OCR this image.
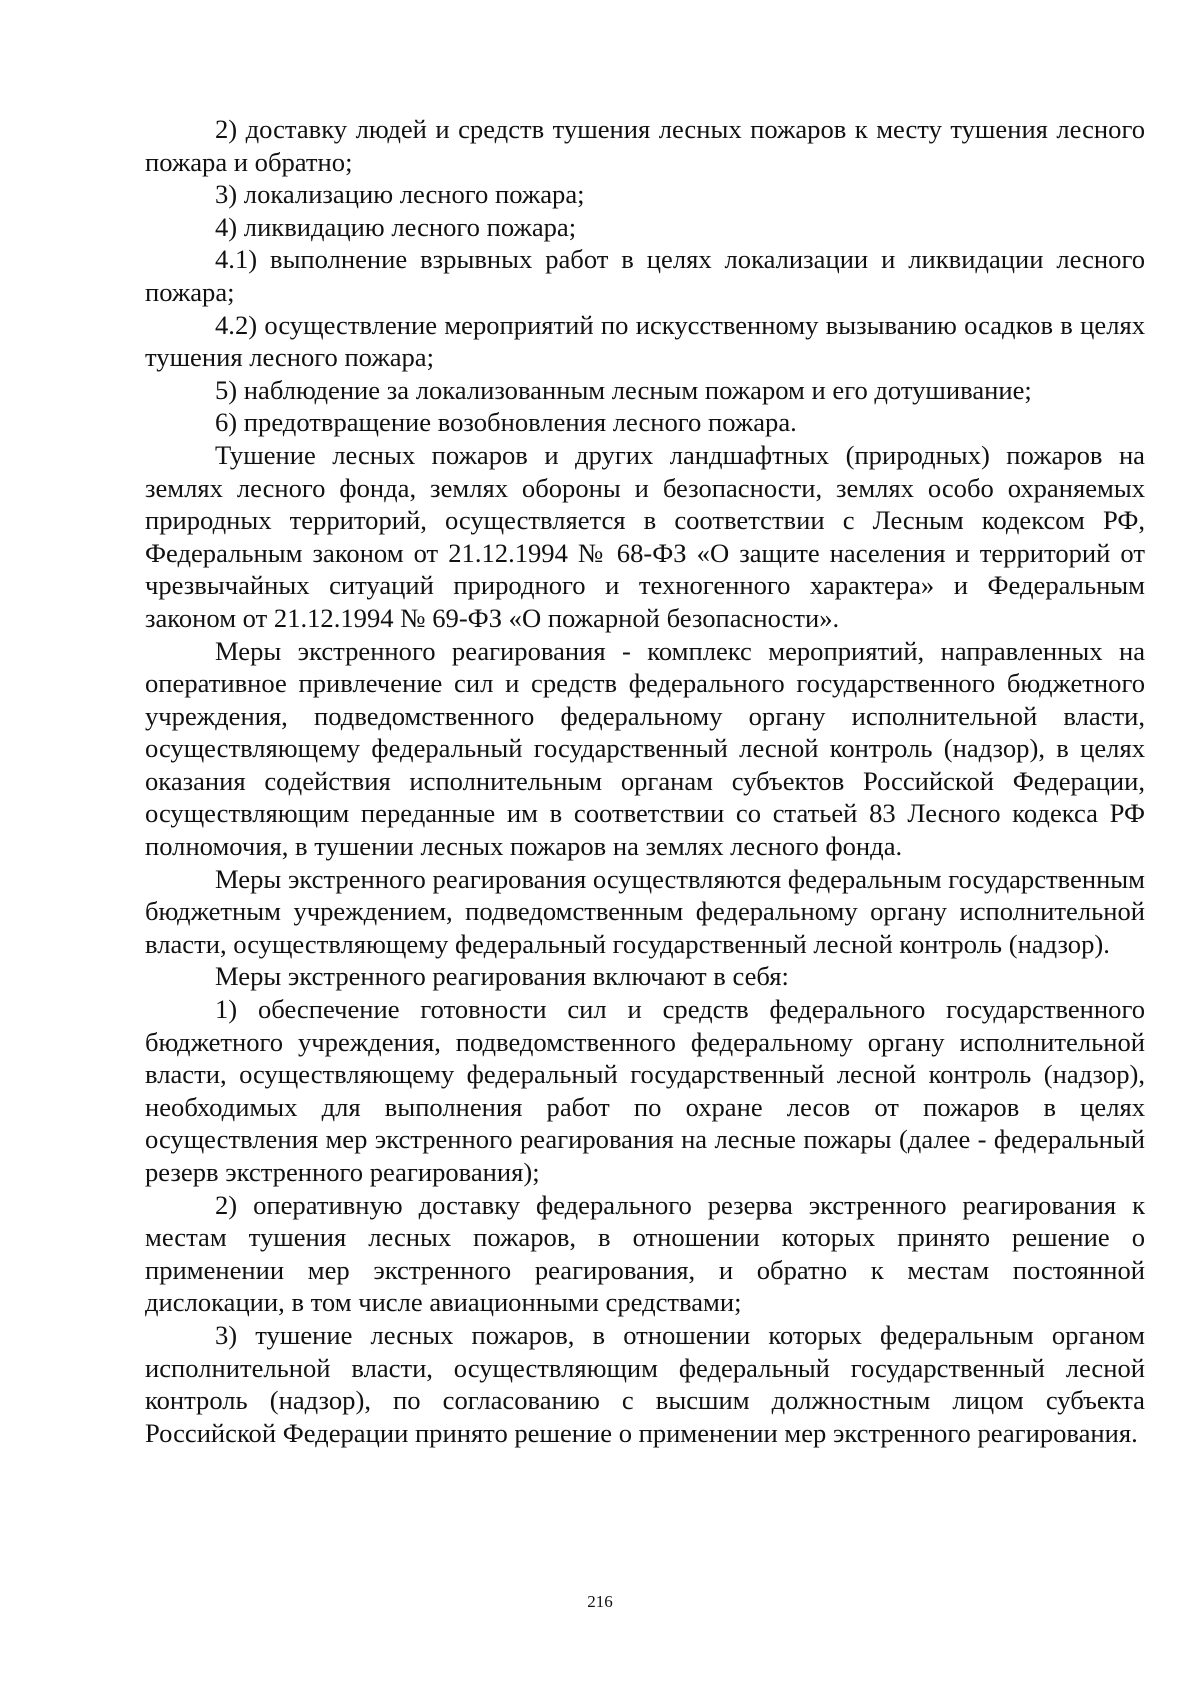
2) доставку людей и средств тушения лесных пожаров к месту тушения лесного пожара и обратно;

3) локализацию лесного пожара;

4) ликвидацию лесного пожара;

4.1) выполнение взрывных работ в целях локализации и ликвидации лесного пожара;

4.2) осуществление мероприятий по искусственному вызыванию осадков в целях тушения лесного пожара;

5) наблюдение за локализованным лесным пожаром и его дотушивание;

6) предотвращение возобновления лесного пожара.

Тушение лесных пожаров и других ландшафтных (природных) пожаров на землях лесного фонда, землях обороны и безопасности, землях особо охраняемых природных территорий, осуществляется в соответствии с Лесным кодексом РФ, Федеральным законом от 21.12.1994 № 68-ФЗ «О защите населения и территорий от чрезвычайных ситуаций природного и техногенного характера» и Федеральным законом от 21.12.1994 № 69-ФЗ «О пожарной безопасности».

Меры экстренного реагирования - комплекс мероприятий, направленных на оперативное привлечение сил и средств федерального государственного бюджетного учреждения, подведомственного федеральному органу исполнительной власти, осуществляющему федеральный государственный лесной контроль (надзор), в целях оказания содействия исполнительным органам субъектов Российской Федерации, осуществляющим переданные им в соответствии со статьей 83 Лесного кодекса РФ полномочия, в тушении лесных пожаров на землях лесного фонда.

Меры экстренного реагирования осуществляются федеральным государственным бюджетным учреждением, подведомственным федеральному органу исполнительной власти, осуществляющему федеральный государственный лесной контроль (надзор).

Меры экстренного реагирования включают в себя:

1) обеспечение готовности сил и средств федерального государственного бюджетного учреждения, подведомственного федеральному органу исполнительной власти, осуществляющему федеральный государственный лесной контроль (надзор), необходимых для выполнения работ по охране лесов от пожаров в целях осуществления мер экстренного реагирования на лесные пожары (далее - федеральный резерв экстренного реагирования);

2) оперативную доставку федерального резерва экстренного реагирования к местам тушения лесных пожаров, в отношении которых принято решение о применении мер экстренного реагирования, и обратно к местам постоянной дислокации, в том числе авиационными средствами;

3) тушение лесных пожаров, в отношении которых федеральным органом исполнительной власти, осуществляющим федеральный государственный лесной контроль (надзор), по согласованию с высшим должностным лицом субъекта Российской Федерации принято решение о применении мер экстренного реагирования.

216
